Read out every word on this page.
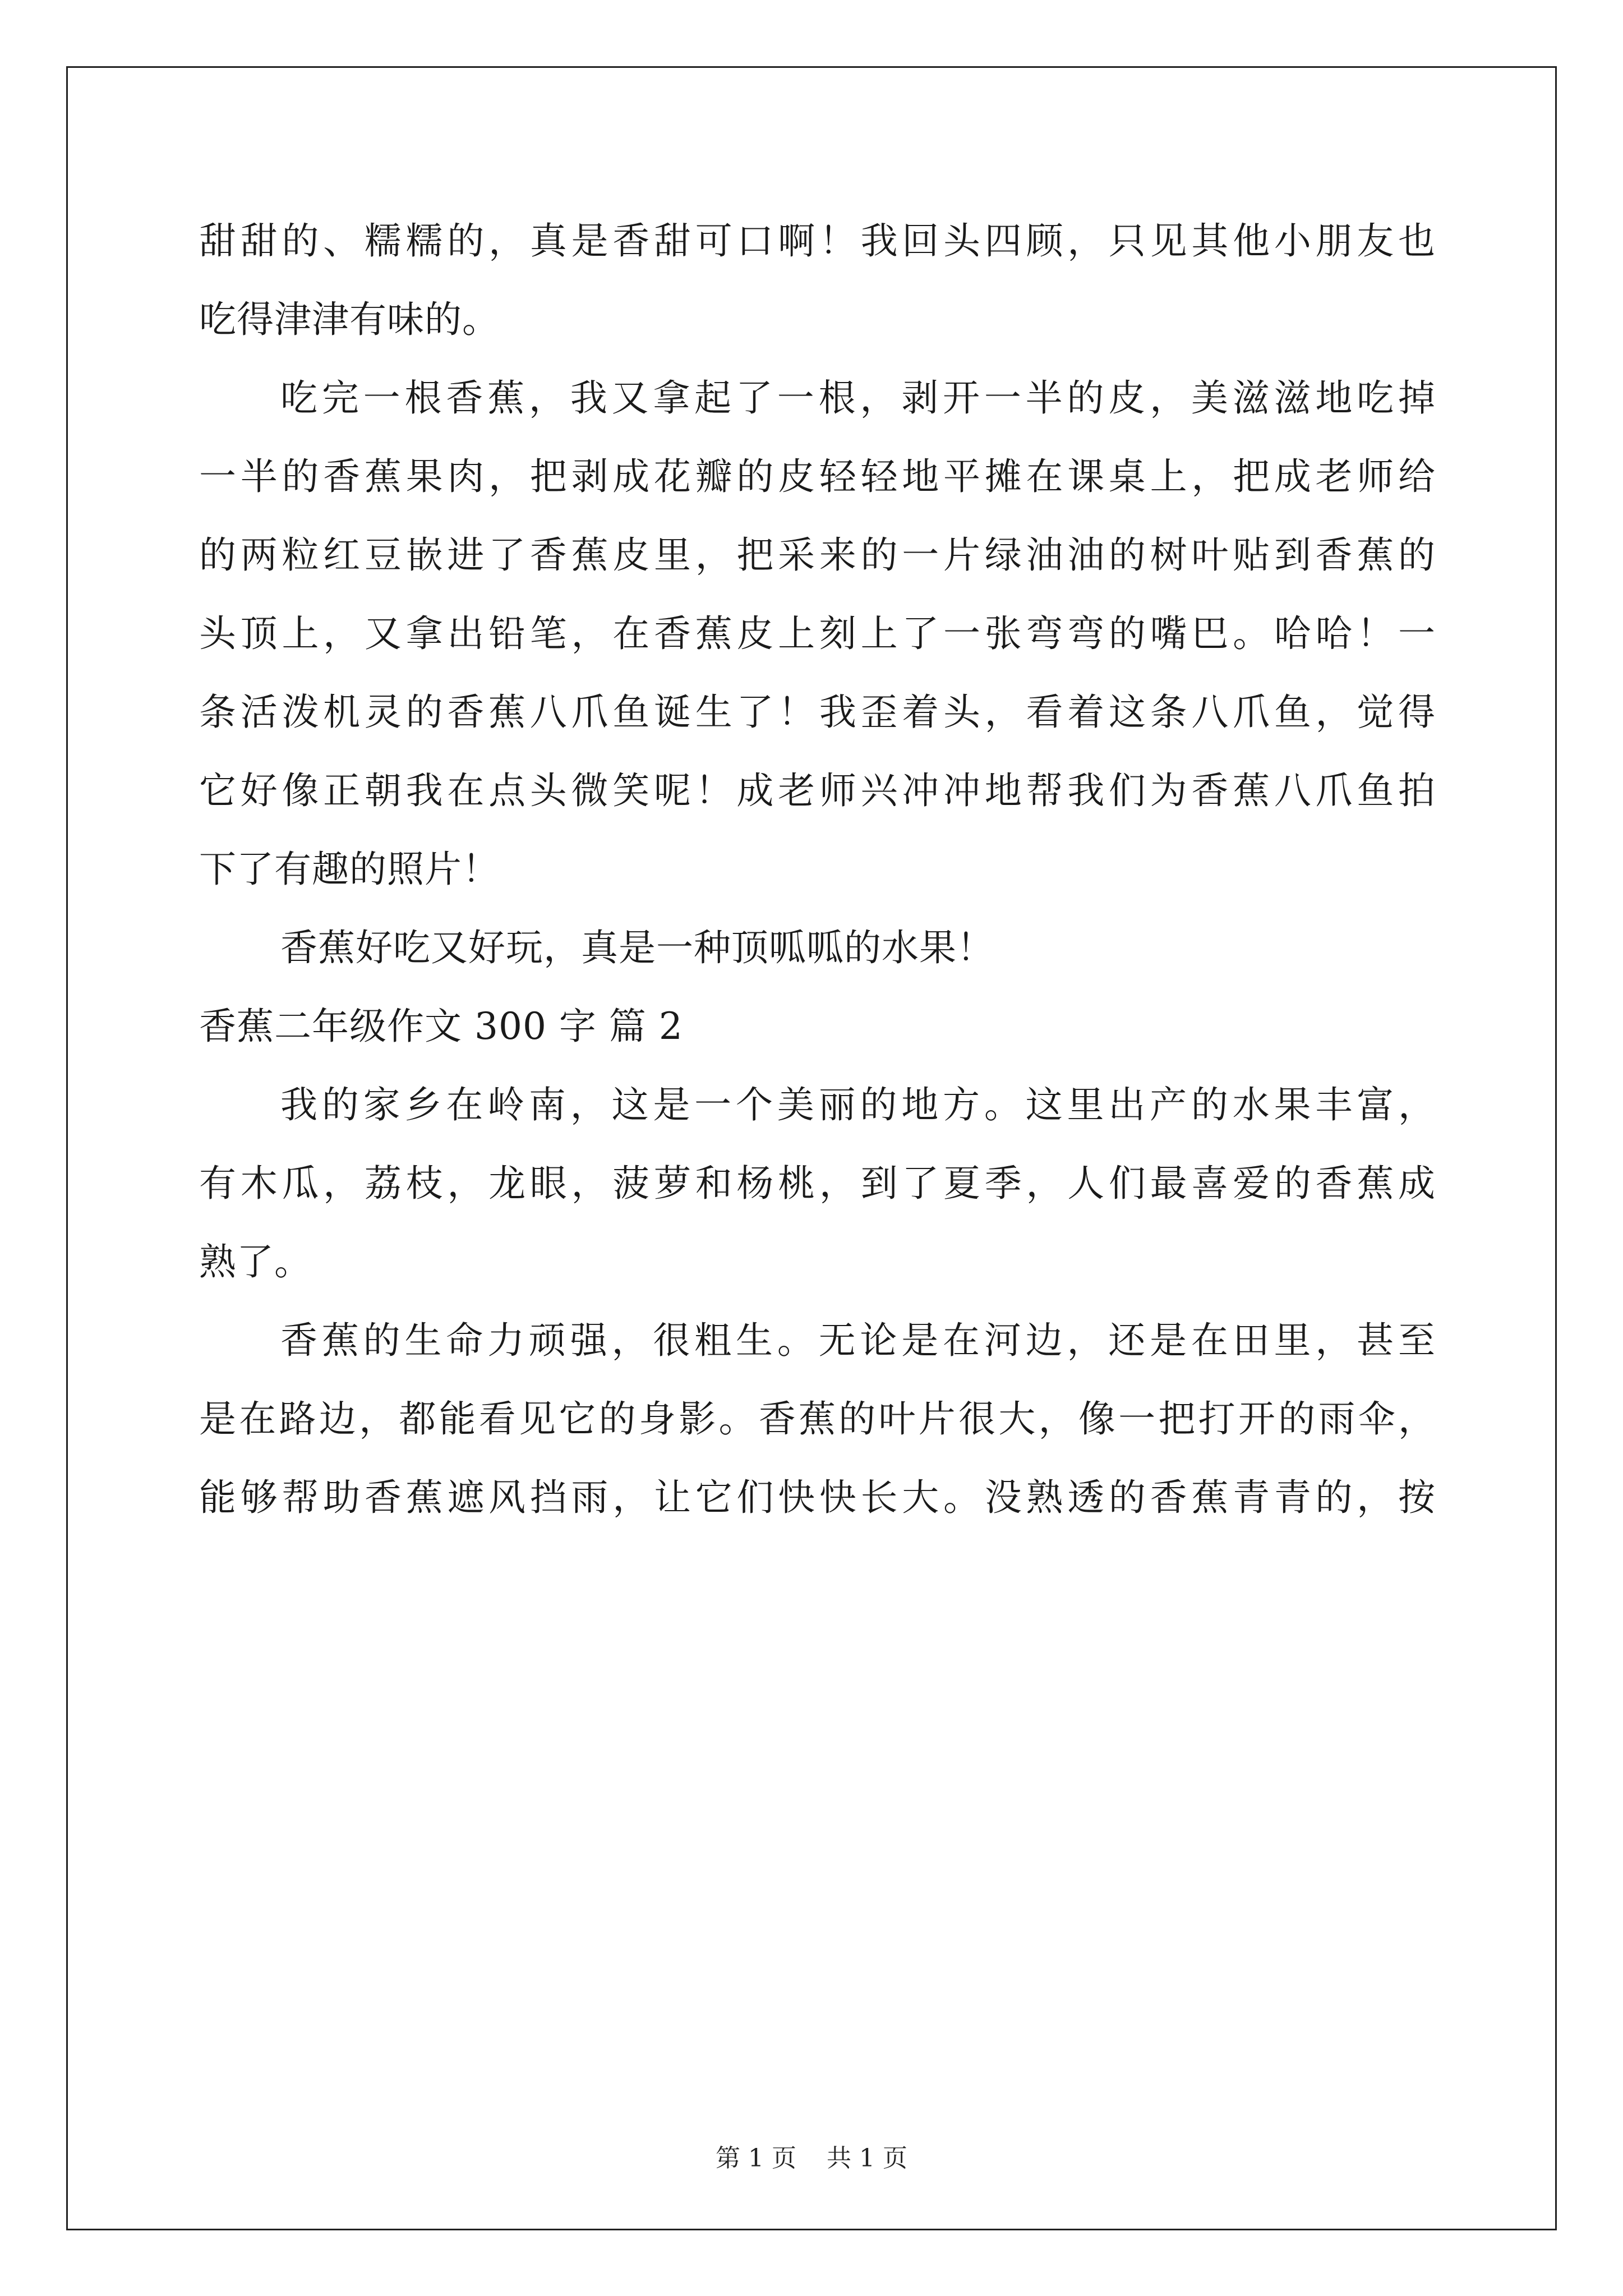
甜甜的、糯糯的，真是香甜可口啊！我回头四顾，只见其他小朋友也
吃得津津有味的。
吃完一根香蕉，我又拿起了一根，剥开一半的皮，美滋滋地吃掉
一半的香蕉果肉，把剥成花瓣的皮轻轻地平摊在课桌上，把成老师给
的两粒红豆嵌进了香蕉皮里，把采来的一片绿油油的树叶贴到香蕉的
头顶上，又拿出铅笔，在香蕉皮上刻上了一张弯弯的嘴巴。哈哈！一
条活泼机灵的香蕉八爪鱼诞生了！我歪着头，看着这条八爪鱼，觉得
它好像正朝我在点头微笑呢！成老师兴冲冲地帮我们为香蕉八爪鱼拍
下了有趣的照片！
香蕉好吃又好玩，真是一种顶呱呱的水果！
香蕉二年级作文 300 字 篇 2
我的家乡在岭南，这是一个美丽的地方。这里出产的水果丰富，
有木瓜，荔枝，龙眼，菠萝和杨桃，到了夏季，人们最喜爱的香蕉成
熟了。
香蕉的生命力顽强，很粗生。无论是在河边，还是在田里，甚至
是在路边，都能看见它的身影。香蕉的叶片很大，像一把打开的雨伞，
能够帮助香蕉遮风挡雨，让它们快快长大。没熟透的香蕉青青的，按
第 1 页 共 1 页
